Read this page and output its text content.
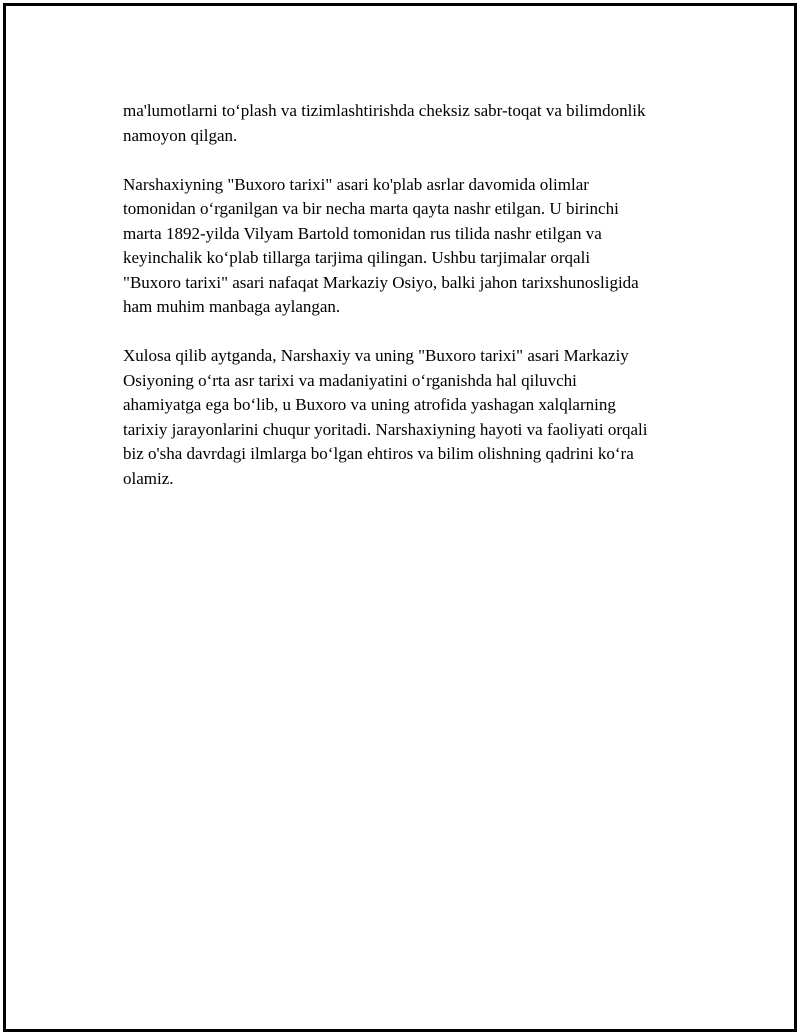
ma'lumotlarni to‘plash va tizimlashtirishda cheksiz sabr-toqat va bilimdonlik
namoyon qilgan.

Narshaxiyning "Buxoro tarixi" asari ko'plab asrlar davomida olimlar
tomonidan o‘rganilgan va bir necha marta qayta nashr etilgan. U birinchi
marta 1892-yilda Vilyam Bartold tomonidan rus tilida nashr etilgan va
keyinchalik ko‘plab tillarga tarjima qilingan. Ushbu tarjimalar orqali
"Buxoro tarixi" asari nafaqat Markaziy Osiyo, balki jahon tarixshunosligida
ham muhim manbaga aylangan.

Xulosa qilib aytganda, Narshaxiy va uning "Buxoro tarixi" asari Markaziy
Osiyoning o‘rta asr tarixi va madaniyatini o‘rganishda hal qiluvchi
ahamiyatga ega bo‘lib, u Buxoro va uning atrofida yashagan xalqlarning
tarixiy jarayonlarini chuqur yoritadi. Narshaxiyning hayoti va faoliyati orqali
biz o'sha davrdagi ilmlarga bo‘lgan ehtiros va bilim olishning qadrini ko‘ra
olamiz.
